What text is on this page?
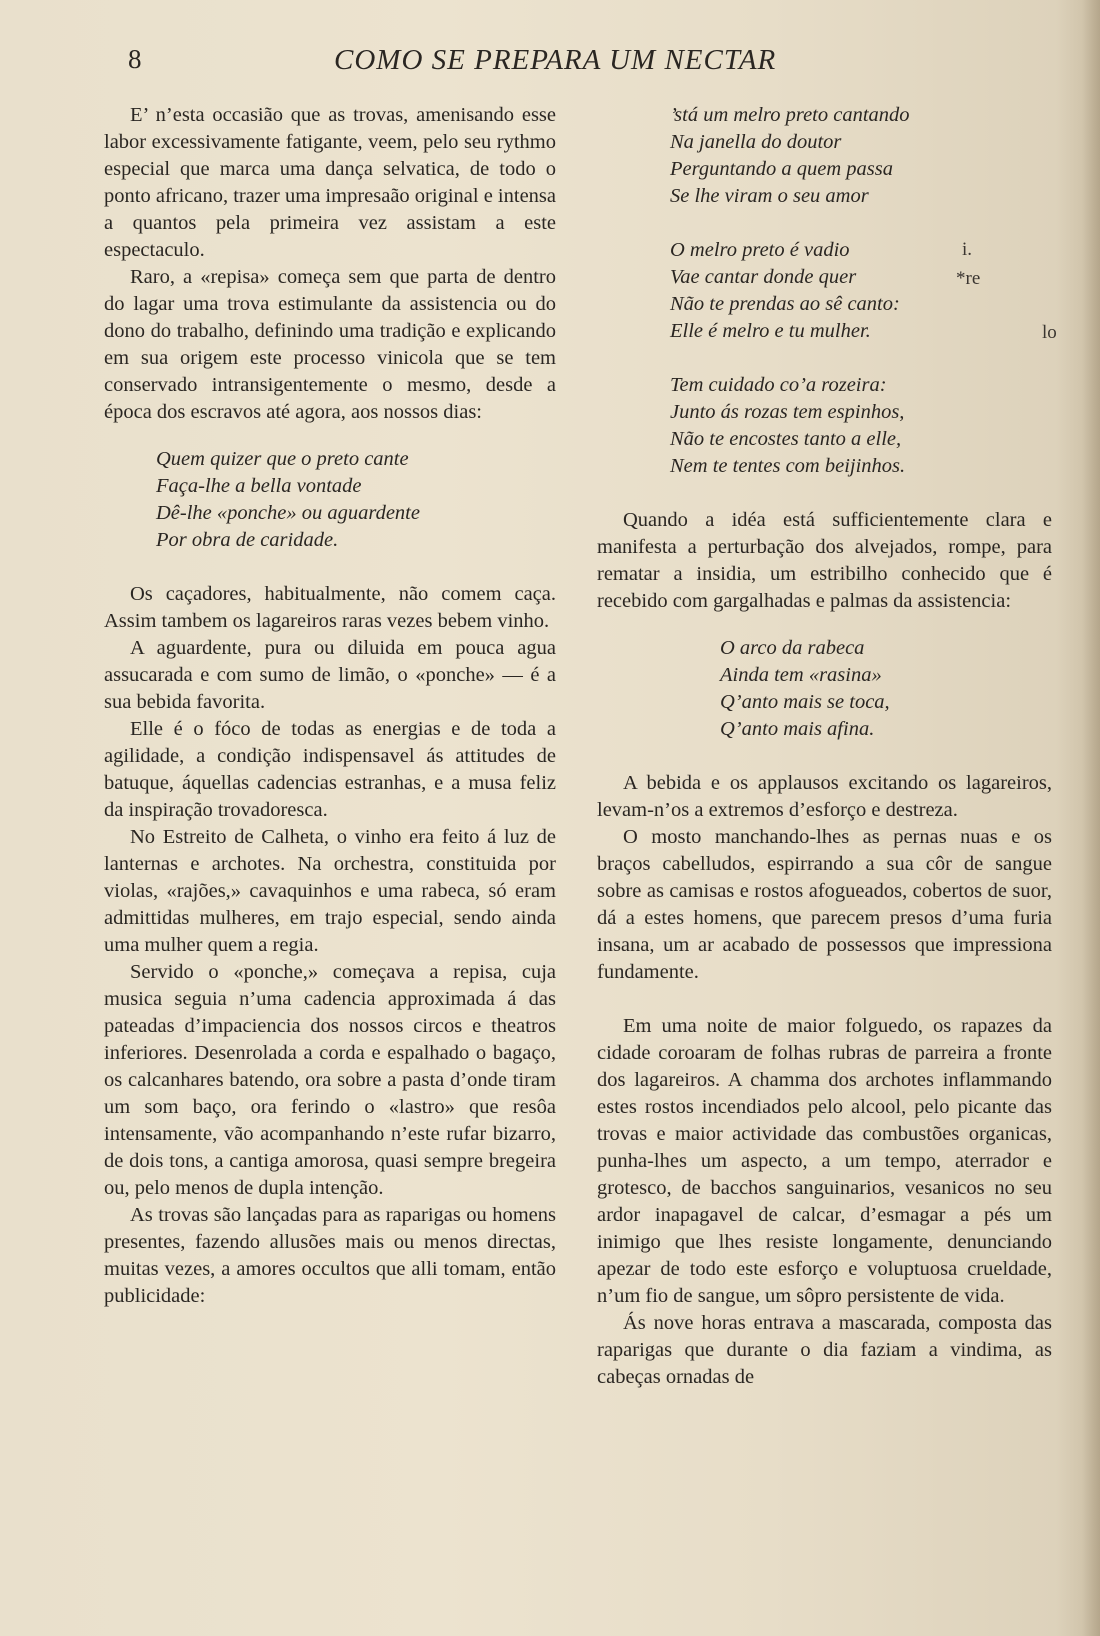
8	COMO SE PREPARA UM NECTAR

E’ n’esta occasião que as trovas, amenisando esse labor excessivamente fatigante, veem, pelo seu rythmo especial que marca uma dança selvatica, de todo o ponto africano, trazer uma impresaão original e intensa a quantos pela primeira vez assistam a este espectaculo.

Raro, a «repisa» começa sem que parta de dentro do lagar uma trova estimulante da assistencia ou do dono do trabalho, definindo uma tradição e explicando em sua origem este processo vinicola que se tem conservado intransigentemente o mesmo, desde a época dos escravos até agora, aos nossos dias:

Quem quizer que o preto cante
Faça-lhe a bella vontade
Dê-lhe «ponche» ou aguardente
Por obra de caridade.

Os caçadores, habitualmente, não comem caça. Assim tambem os lagareiros raras vezes bebem vinho.

A aguardente, pura ou diluida em pouca agua assucarada e com sumo de limão, o «ponche» — é a sua bebida favorita.

Elle é o fóco de todas as energias e de toda a agilidade, a condição indispensavel ás attitudes de batuque, áquellas cadencias estranhas, e a musa feliz da inspiração trovadoresca.

No Estreito de Calheta, o vinho era feito á luz de lanternas e archotes. Na orchestra, constituida por violas, «rajões,» cavaquinhos e uma rabeca, só eram admittidas mulheres, em trajo especial, sendo ainda uma mulher quem a regia.

Servido o «ponche,» começava a repisa, cuja musica seguia n’uma cadencia approximada á das pateadas d’impaciencia dos nossos circos e theatros inferiores. Desenrolada a corda e espalhado o bagaço, os calcanhares batendo, ora sobre a pasta d’onde tiram um som baço, ora ferindo o «lastro» que resôa intensamente, vão acompanhando n’este rufar bizarro, de dois tons, a cantiga amorosa, quasi sempre bregeira ou, pelo menos de dupla intenção.

As trovas são lançadas para as raparigas ou homens presentes, fazendo allusões mais ou menos directas, muitas vezes, a amores occultos que alli tomam, então publicidade:

’stá um melro preto cantando
Na janella do doutor
Perguntando a quem passa
Se lhe viram o seu amor
O melro preto é vadio
Vae cantar donde quer
Não te prendas ao sê canto:
Elle é melro e tu mulher.
Tem cuidado co’a rozeira:
Junto ás rozas tem espinhos,
Não te encostes tanto a elle,
Nem te tentes com beijinhos.

Quando a idéa está sufficientemente clara e manifesta a perturbação dos alvejados, rompe, para rematar a insidia, um estribilho conhecido que é recebido com gargalhadas e palmas da assistencia:

O arco da rabeca
Ainda tem «rasina»
Q’anto mais se toca,
Q’anto mais afina.

A bebida e os applausos excitando os lagareiros, levam-n’os a extremos d’esforço e destreza.

O mosto manchando-lhes as pernas nuas e os braços cabelludos, espirrando a sua côr de sangue sobre as camisas e rostos afogueados, cobertos de suor, dá a estes homens, que parecem presos d’uma furia insana, um ar acabado de possessos que impressiona fundamente.

Em uma noite de maior folguedo, os rapazes da cidade coroaram de folhas rubras de parreira a fronte dos lagareiros. A chamma dos archotes inflammando estes rostos incendiados pelo alcool, pelo picante das trovas e maior actividade das combustões organicas, punha-lhes um aspecto, a um tempo, aterrador e grotesco, de bacchos sanguinarios, vesanicos no seu ardor inapagavel de calcar, d’esmagar a pés um inimigo que lhes resiste longamente, denunciando apezar de todo este esforço e voluptuosa crueldade, n’um fio de sangue, um sôpro persistente de vida.

Ás nove horas entrava a mascarada, composta das raparigas que durante o dia faziam a vindima, as cabeças ornadas de

i.
*re
lo
